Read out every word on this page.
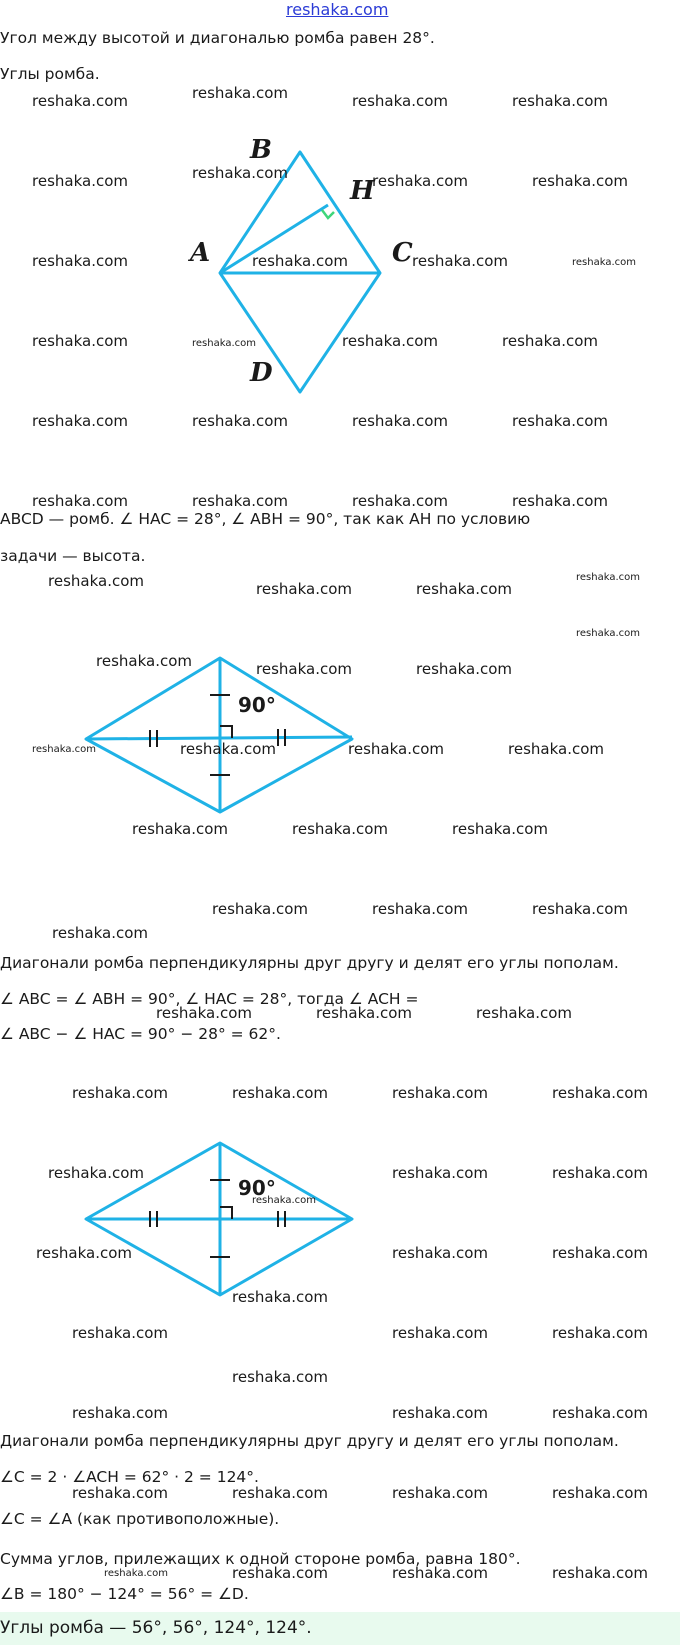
reshaka.com
Угол между высотой и диагональю ромба равен 28°.
Углы ромба.
B
H
A	C
D
ABCD — ромб. ∠ HAC = 28°, ∠ ABH = 90°, так как AH по условию
задачи — высота.
90°
Диагонали ромба перпендикулярны друг другу и делят его углы пополам.
∠ ABC = ∠ ABH = 90°, ∠ HAC = 28°, тогда ∠ ACH =
∠ ABC − ∠ HAC = 90° − 28° = 62°.
90°
Диагонали ромба перпендикулярны друг другу и делят его углы пополам.
∠C = 2 · ∠ACH = 62° · 2 = 124°.
∠C = ∠A (как противоположные).
Сумма углов, прилежащих к одной стороне ромба, равна 180°.
∠B = 180° − 124° = 56° = ∠D.
Углы ромба — 56°, 56°, 124°, 124°.
reshaka.com	reshaka.com	reshaka.com	reshaka.com
reshaka.com	reshaka.com	reshaka.com	reshaka.com
reshaka.com	reshaka.com	reshaka.com	reshaka.com
reshaka.com	reshaka.com	reshaka.com	reshaka.com
reshaka.com	reshaka.com	reshaka.com	reshaka.com
reshaka.com	reshaka.com	reshaka.com	reshaka.com
reshaka.com	reshaka.com	reshaka.com
reshaka.com
reshaka.com
reshaka.com	reshaka.com	reshaka.com
reshaka.com	reshaka.com	reshaka.com	reshaka.com
reshaka.com	reshaka.com	reshaka.com
reshaka.com	reshaka.com	reshaka.com
reshaka.com
reshaka.com	reshaka.com	reshaka.com
reshaka.com	reshaka.com	reshaka.com	reshaka.com
reshaka.com
reshaka.com
reshaka.com	reshaka.com
reshaka.com	reshaka.com	reshaka.com
reshaka.com
reshaka.com	reshaka.com	reshaka.com
reshaka.com
reshaka.com	reshaka.com	reshaka.com
reshaka.com	reshaka.com	reshaka.com	reshaka.com
reshaka.com	reshaka.com	reshaka.com	reshaka.com
